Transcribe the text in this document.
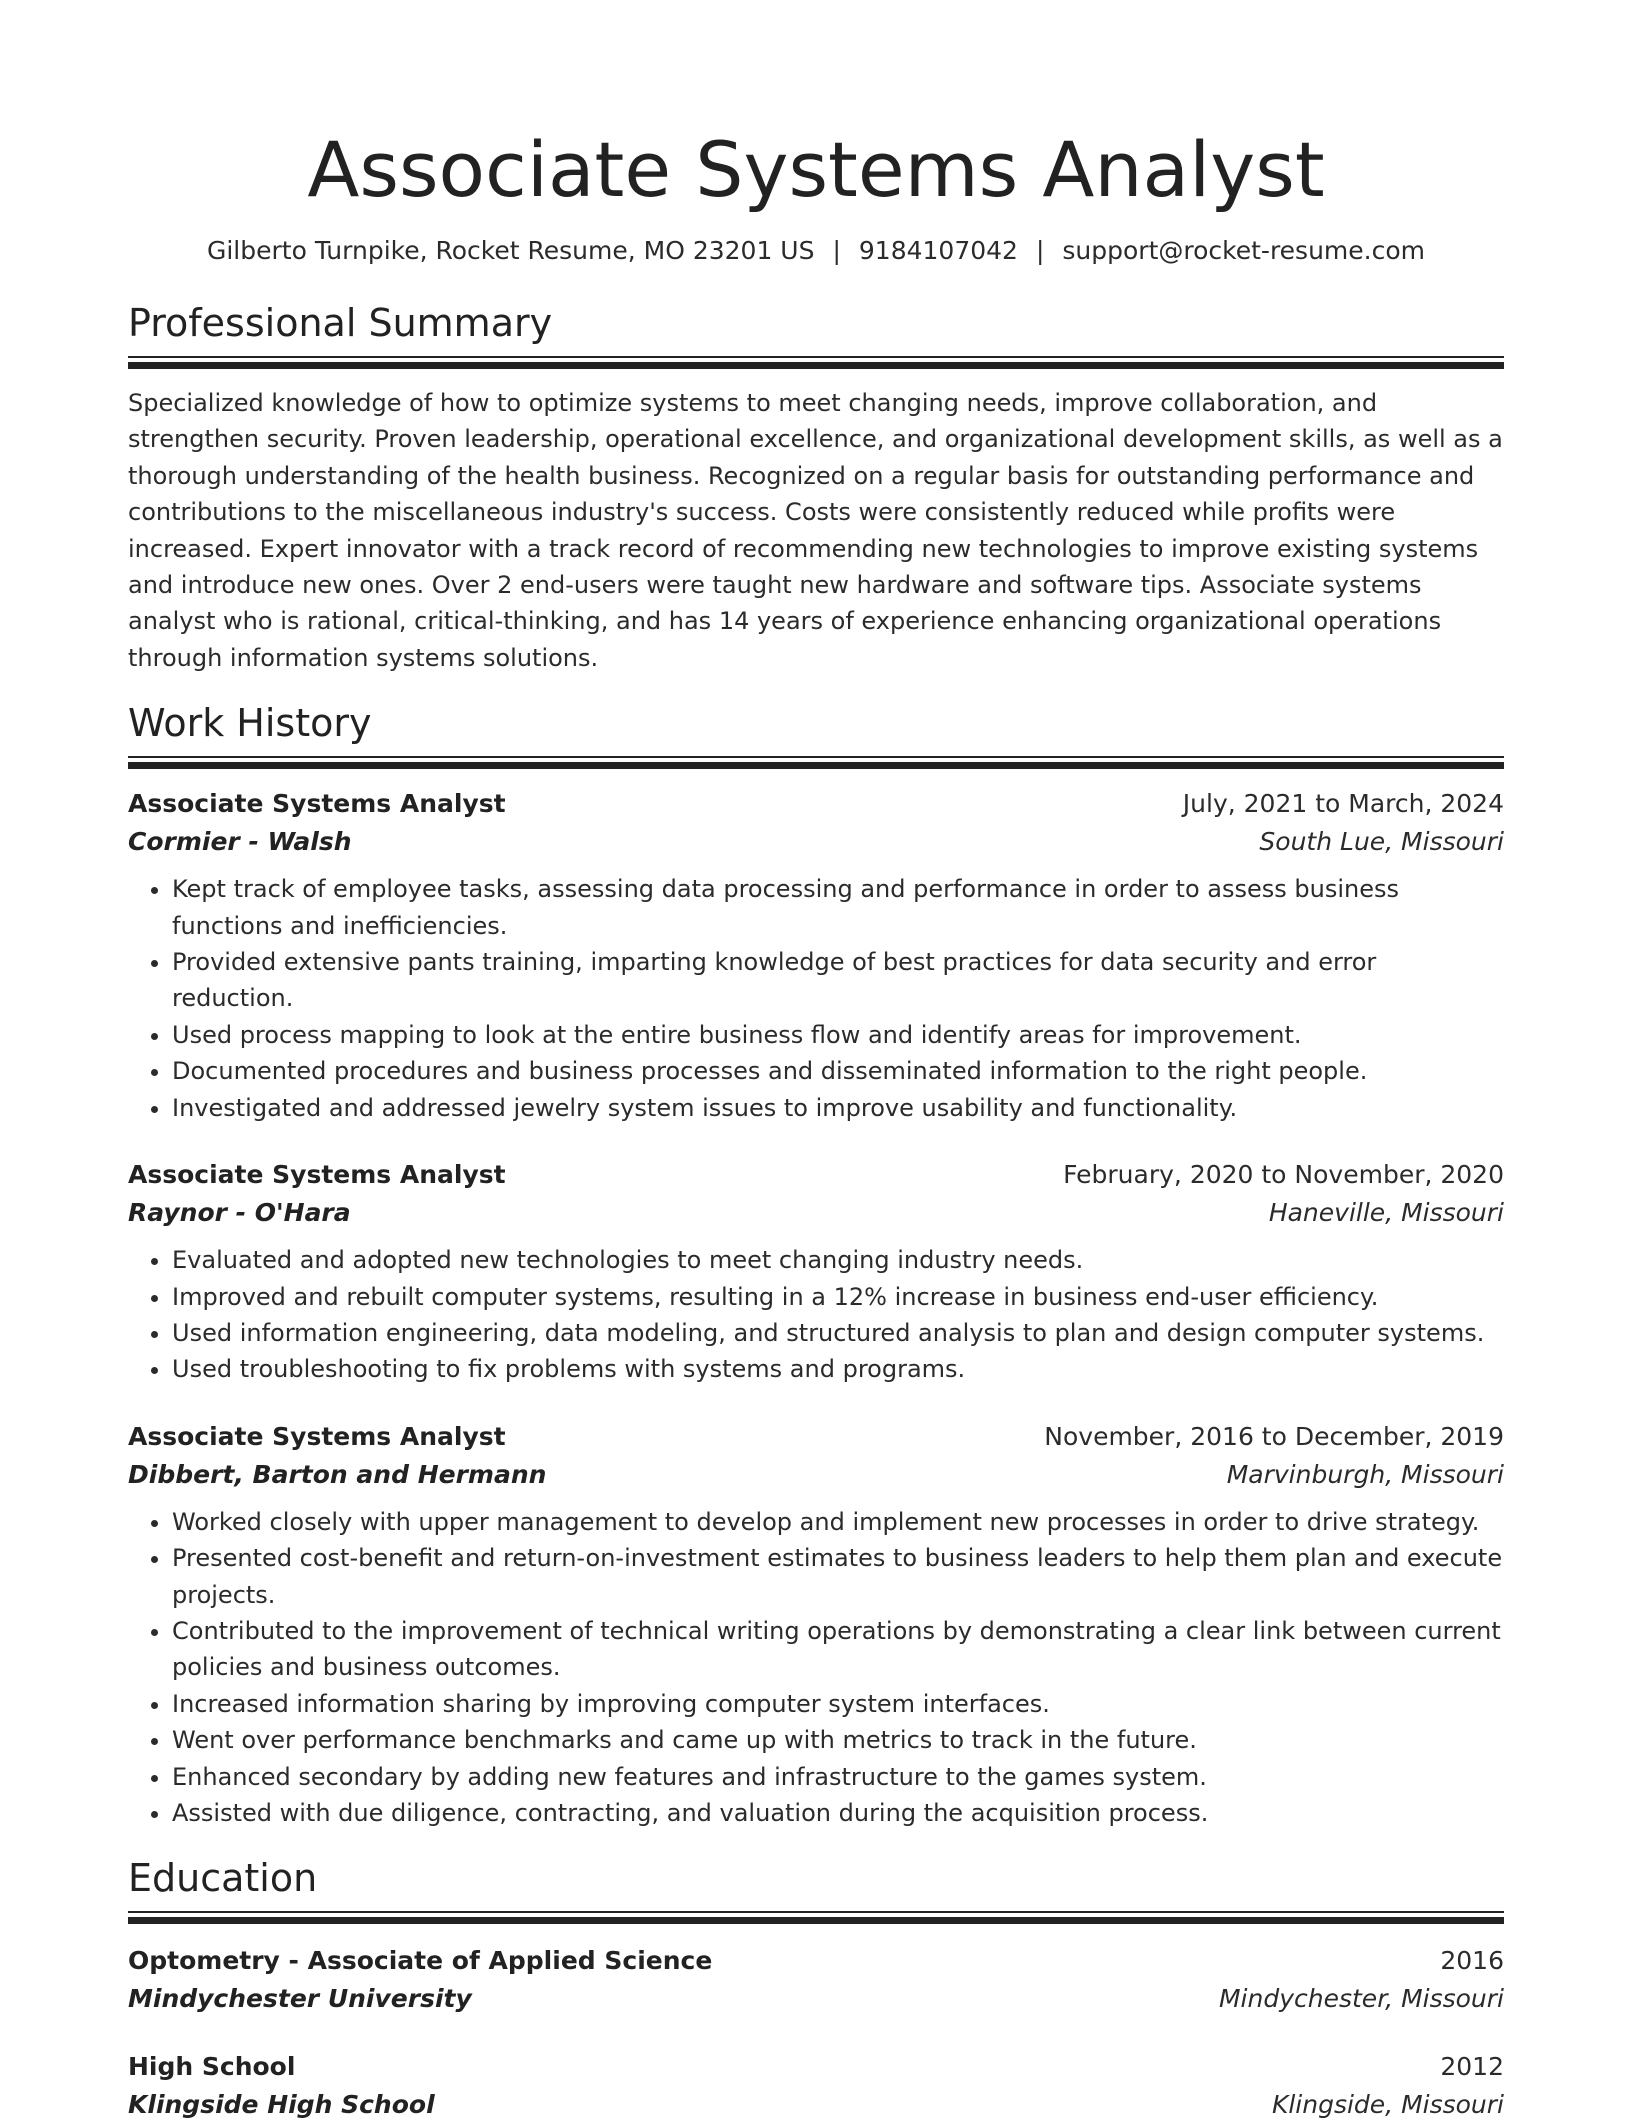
Associate Systems Analyst
Gilberto Turnpike, Rocket Resume, MO 23201 US | 9184107042 | support@rocket-resume.com
Professional Summary
Specialized knowledge of how to optimize systems to meet changing needs, improve collaboration, and strengthen security. Proven leadership, operational excellence, and organizational development skills, as well as a thorough understanding of the health business. Recognized on a regular basis for outstanding performance and contributions to the miscellaneous industry's success. Costs were consistently reduced while profits were increased. Expert innovator with a track record of recommending new technologies to improve existing systems and introduce new ones. Over 2 end-users were taught new hardware and software tips. Associate systems analyst who is rational, critical-thinking, and has 14 years of experience enhancing organizational operations through information systems solutions.
Work History
Associate Systems Analyst	July, 2021 to March, 2024
Cormier - Walsh	South Lue, Missouri
• Kept track of employee tasks, assessing data processing and performance in order to assess business functions and inefficiencies.
• Provided extensive pants training, imparting knowledge of best practices for data security and error reduction.
• Used process mapping to look at the entire business flow and identify areas for improvement.
• Documented procedures and business processes and disseminated information to the right people.
• Investigated and addressed jewelry system issues to improve usability and functionality.
Associate Systems Analyst	February, 2020 to November, 2020
Raynor - O'Hara	Haneville, Missouri
• Evaluated and adopted new technologies to meet changing industry needs.
• Improved and rebuilt computer systems, resulting in a 12% increase in business end-user efficiency.
• Used information engineering, data modeling, and structured analysis to plan and design computer systems.
• Used troubleshooting to fix problems with systems and programs.
Associate Systems Analyst	November, 2016 to December, 2019
Dibbert, Barton and Hermann	Marvinburgh, Missouri
• Worked closely with upper management to develop and implement new processes in order to drive strategy.
• Presented cost-benefit and return-on-investment estimates to business leaders to help them plan and execute projects.
• Contributed to the improvement of technical writing operations by demonstrating a clear link between current policies and business outcomes.
• Increased information sharing by improving computer system interfaces.
• Went over performance benchmarks and came up with metrics to track in the future.
• Enhanced secondary by adding new features and infrastructure to the games system.
• Assisted with due diligence, contracting, and valuation during the acquisition process.
Education
Optometry - Associate of Applied Science	2016
Mindychester University	Mindychester, Missouri
High School	2012
Klingside High School	Klingside, Missouri
